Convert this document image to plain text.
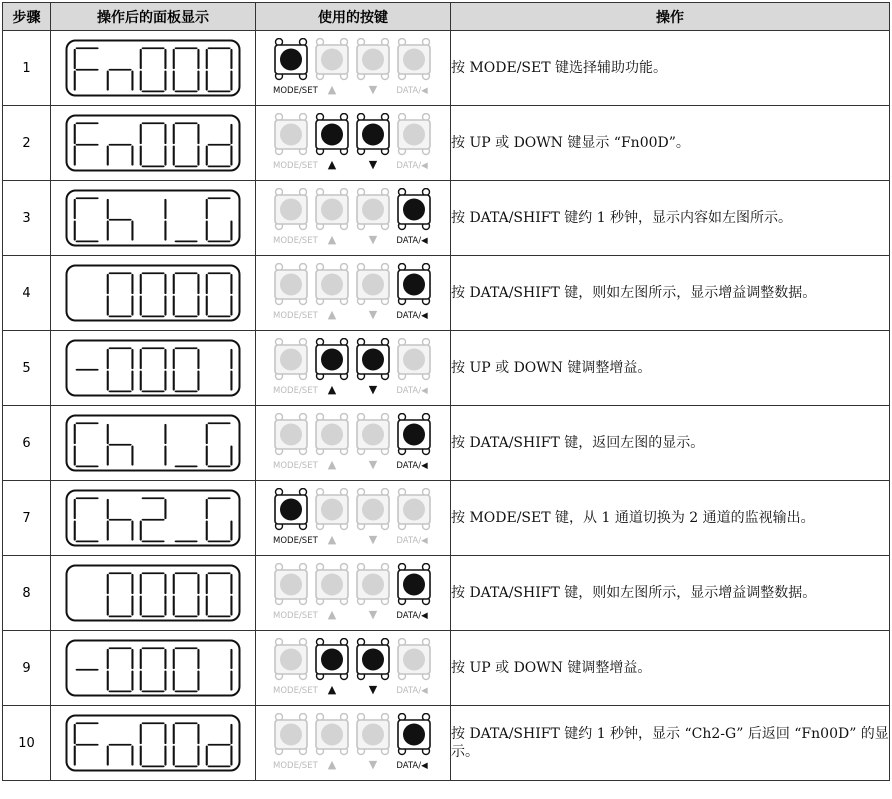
步骤	操作后的面板显示	使用的按键	操作
1		MODE/SET ▲ ▼ DATA/◀	按 MODE/SET 键选择辅助功能。
2		MODE/SET ▲ ▼ DATA/◀	按 UP 或 DOWN 键显示 “Fn00D”。
3		MODE/SET ▲ ▼ DATA/◀	按 DATA/SHIFT 键约 1 秒钟，显示内容如左图所示。
4		MODE/SET ▲ ▼ DATA/◀	按 DATA/SHIFT 键，则如左图所示，显示增益调整数据。
5		MODE/SET ▲ ▼ DATA/◀	按 UP 或 DOWN 键调整增益。
6		MODE/SET ▲ ▼ DATA/◀	按 DATA/SHIFT 键，返回左图的显示。
7		MODE/SET ▲ ▼ DATA/◀	按 MODE/SET 键，从 1 通道切换为 2 通道的监视输出。
8		MODE/SET ▲ ▼ DATA/◀	按 DATA/SHIFT 键，则如左图所示，显示增益调整数据。
9		MODE/SET ▲ ▼ DATA/◀	按 UP 或 DOWN 键调整增益。
10		MODE/SET ▲ ▼ DATA/◀	按 DATA/SHIFT 键约 1 秒钟，显示 “Ch2-G” 后返回 “Fn00D” 的显示。
